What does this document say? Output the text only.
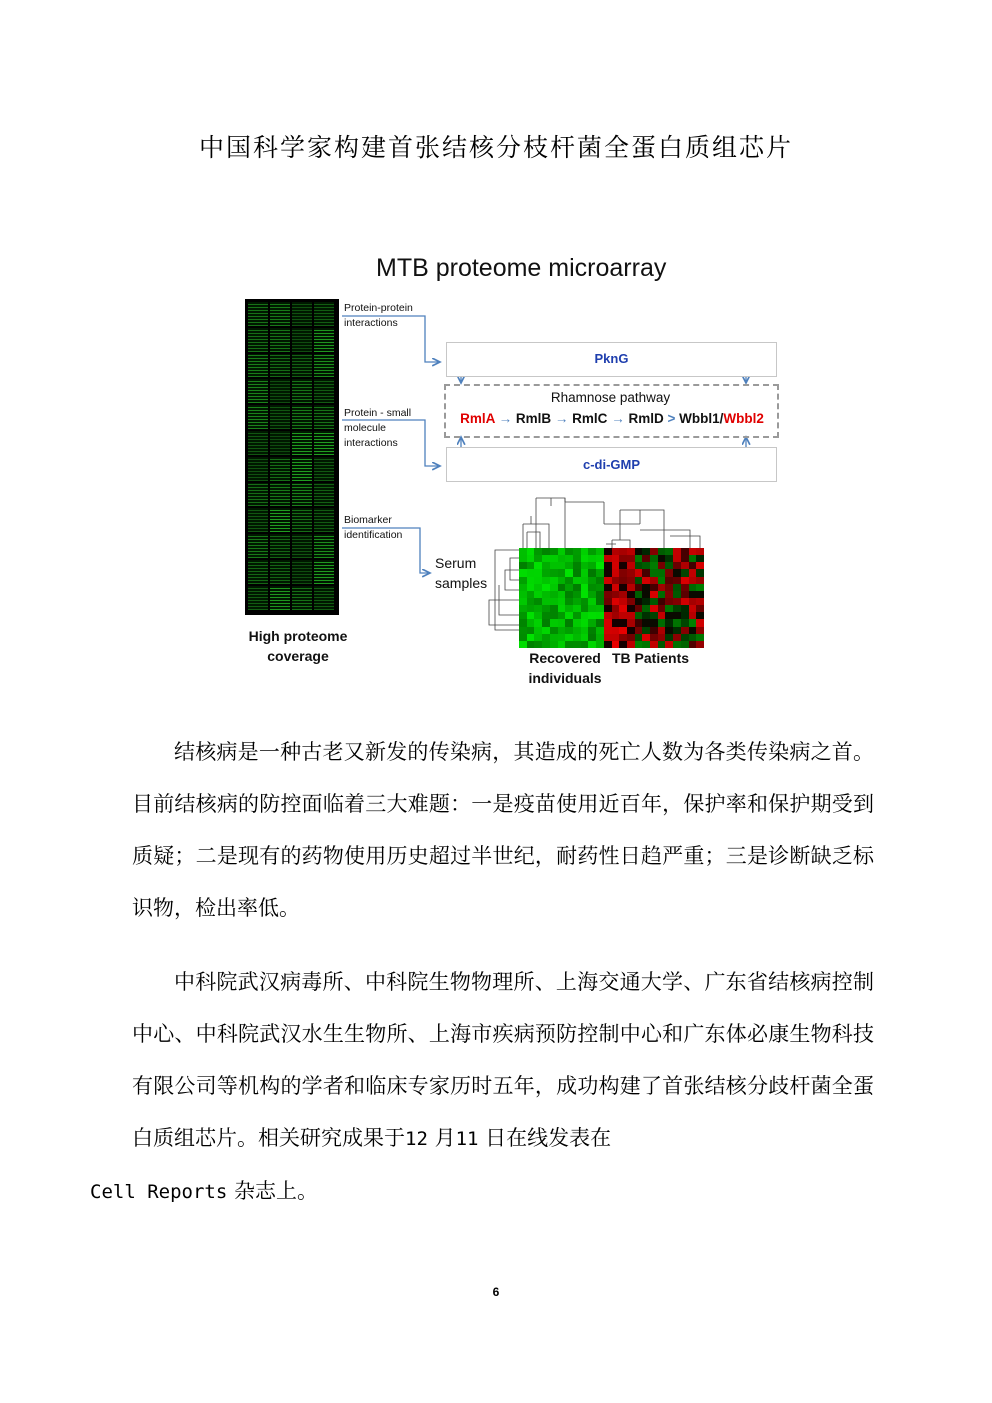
中国科学家构建首张结核分枝杆菌全蛋白质组芯片
MTB proteome microarray
Protein-protein
interactions
Protein - small
molecule
interactions
Biomarker
identification
Serum
samples
High proteome
coverage	Recovered
individuals
TB Patients
PknG
Rhamnose pathway
RmlA → RmlB → RmlC → RmlD > Wbbl1/Wbbl2
c-di-GMP
结核病是一种古老又新发的传染病，其造成的死亡人数为各类传染病之首。目前结核病的防控面临着三大难题：一是疫苗使用近百年，保护率和保护期受到质疑；二是现有的药物使用历史超过半世纪，耐药性日趋严重；三是诊断缺乏标识物，检出率低。
中科院武汉病毒所、中科院生物物理所、上海交通大学、广东省结核病控制中心、中科院武汉水生生物所、上海市疾病预防控制中心和广东体必康生物科技有限公司等机构的学者和临床专家历时五年，成功构建了首张结核分歧杆菌全蛋白质组芯片。相关研究成果于12 月11 日在线发表在
Cell Reports 杂志上。
6
